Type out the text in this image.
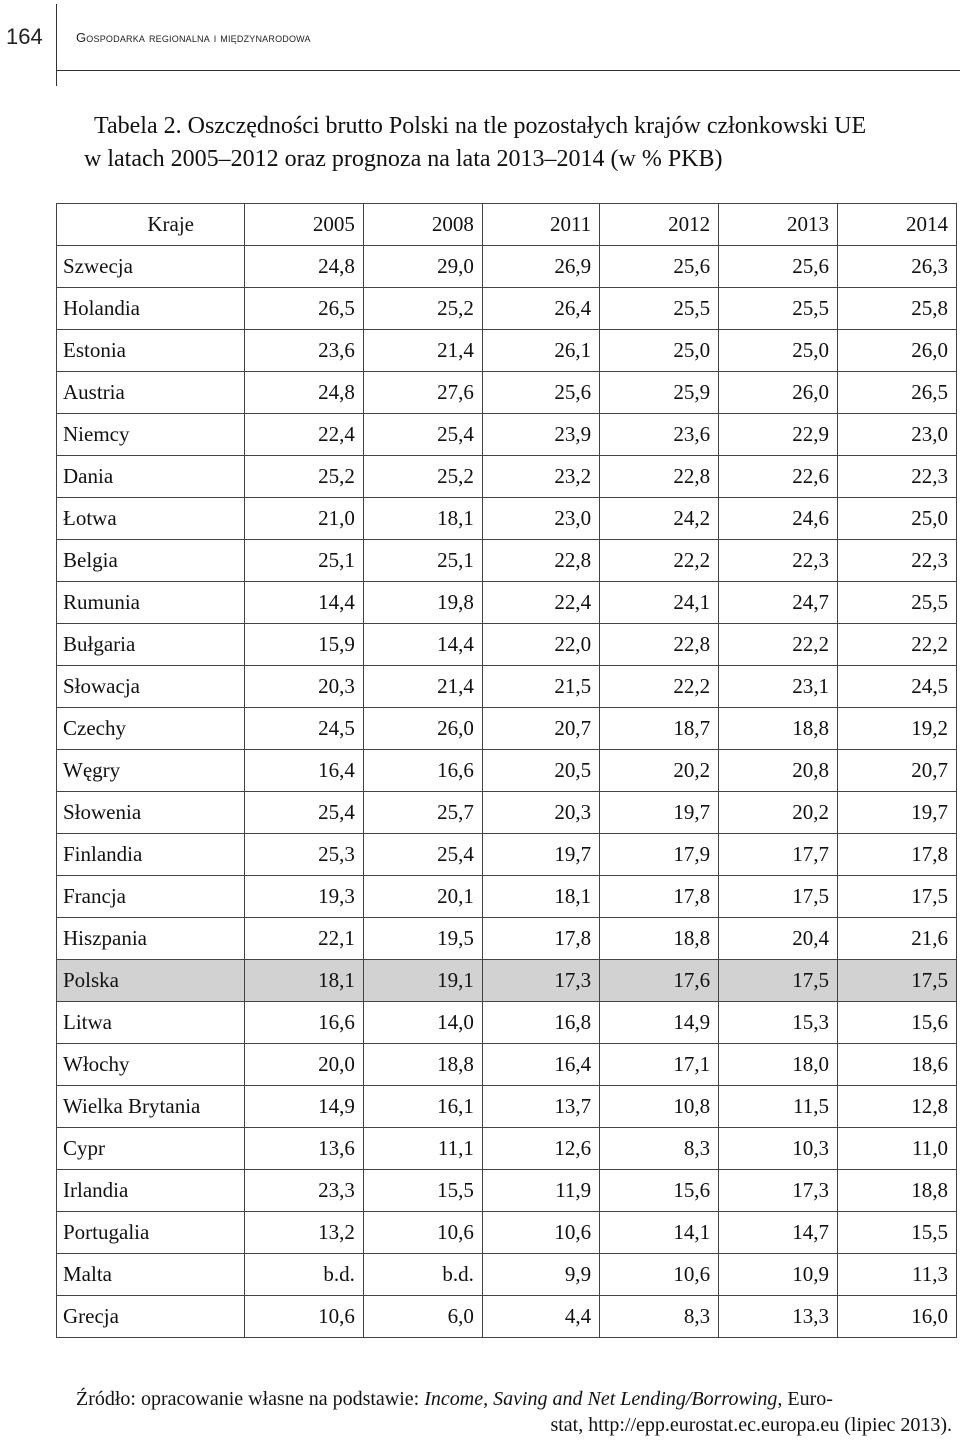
164	Gospodarka regionalna i międzynarodowa
Tabela 2. Oszczędności brutto Polski na tle pozostałych krajów członkowski UE
w latach 2005–2012 oraz prognoza na lata 2013–2014 (w % PKB)
Kraje	2005	2008	2011	2012	2013	2014
Szwecja	24,8	29,0	26,9	25,6	25,6	26,3
Holandia	26,5	25,2	26,4	25,5	25,5	25,8
Estonia	23,6	21,4	26,1	25,0	25,0	26,0
Austria	24,8	27,6	25,6	25,9	26,0	26,5
Niemcy	22,4	25,4	23,9	23,6	22,9	23,0
Dania	25,2	25,2	23,2	22,8	22,6	22,3
Łotwa	21,0	18,1	23,0	24,2	24,6	25,0
Belgia	25,1	25,1	22,8	22,2	22,3	22,3
Rumunia	14,4	19,8	22,4	24,1	24,7	25,5
Bułgaria	15,9	14,4	22,0	22,8	22,2	22,2
Słowacja	20,3	21,4	21,5	22,2	23,1	24,5
Czechy	24,5	26,0	20,7	18,7	18,8	19,2
Węgry	16,4	16,6	20,5	20,2	20,8	20,7
Słowenia	25,4	25,7	20,3	19,7	20,2	19,7
Finlandia	25,3	25,4	19,7	17,9	17,7	17,8
Francja	19,3	20,1	18,1	17,8	17,5	17,5
Hiszpania	22,1	19,5	17,8	18,8	20,4	21,6
Polska	18,1	19,1	17,3	17,6	17,5	17,5
Litwa	16,6	14,0	16,8	14,9	15,3	15,6
Włochy	20,0	18,8	16,4	17,1	18,0	18,6
Wielka Brytania	14,9	16,1	13,7	10,8	11,5	12,8
Cypr	13,6	11,1	12,6	8,3	10,3	11,0
Irlandia	23,3	15,5	11,9	15,6	17,3	18,8
Portugalia	13,2	10,6	10,6	14,1	14,7	15,5
Malta	b.d.	b.d.	9,9	10,6	10,9	11,3
Grecja	10,6	6,0	4,4	8,3	13,3	16,0
Źródło: opracowanie własne na podstawie: Income, Saving and Net Lending/Borrowing, Euro-
stat, http://epp.eurostat.ec.europa.eu (lipiec 2013).
